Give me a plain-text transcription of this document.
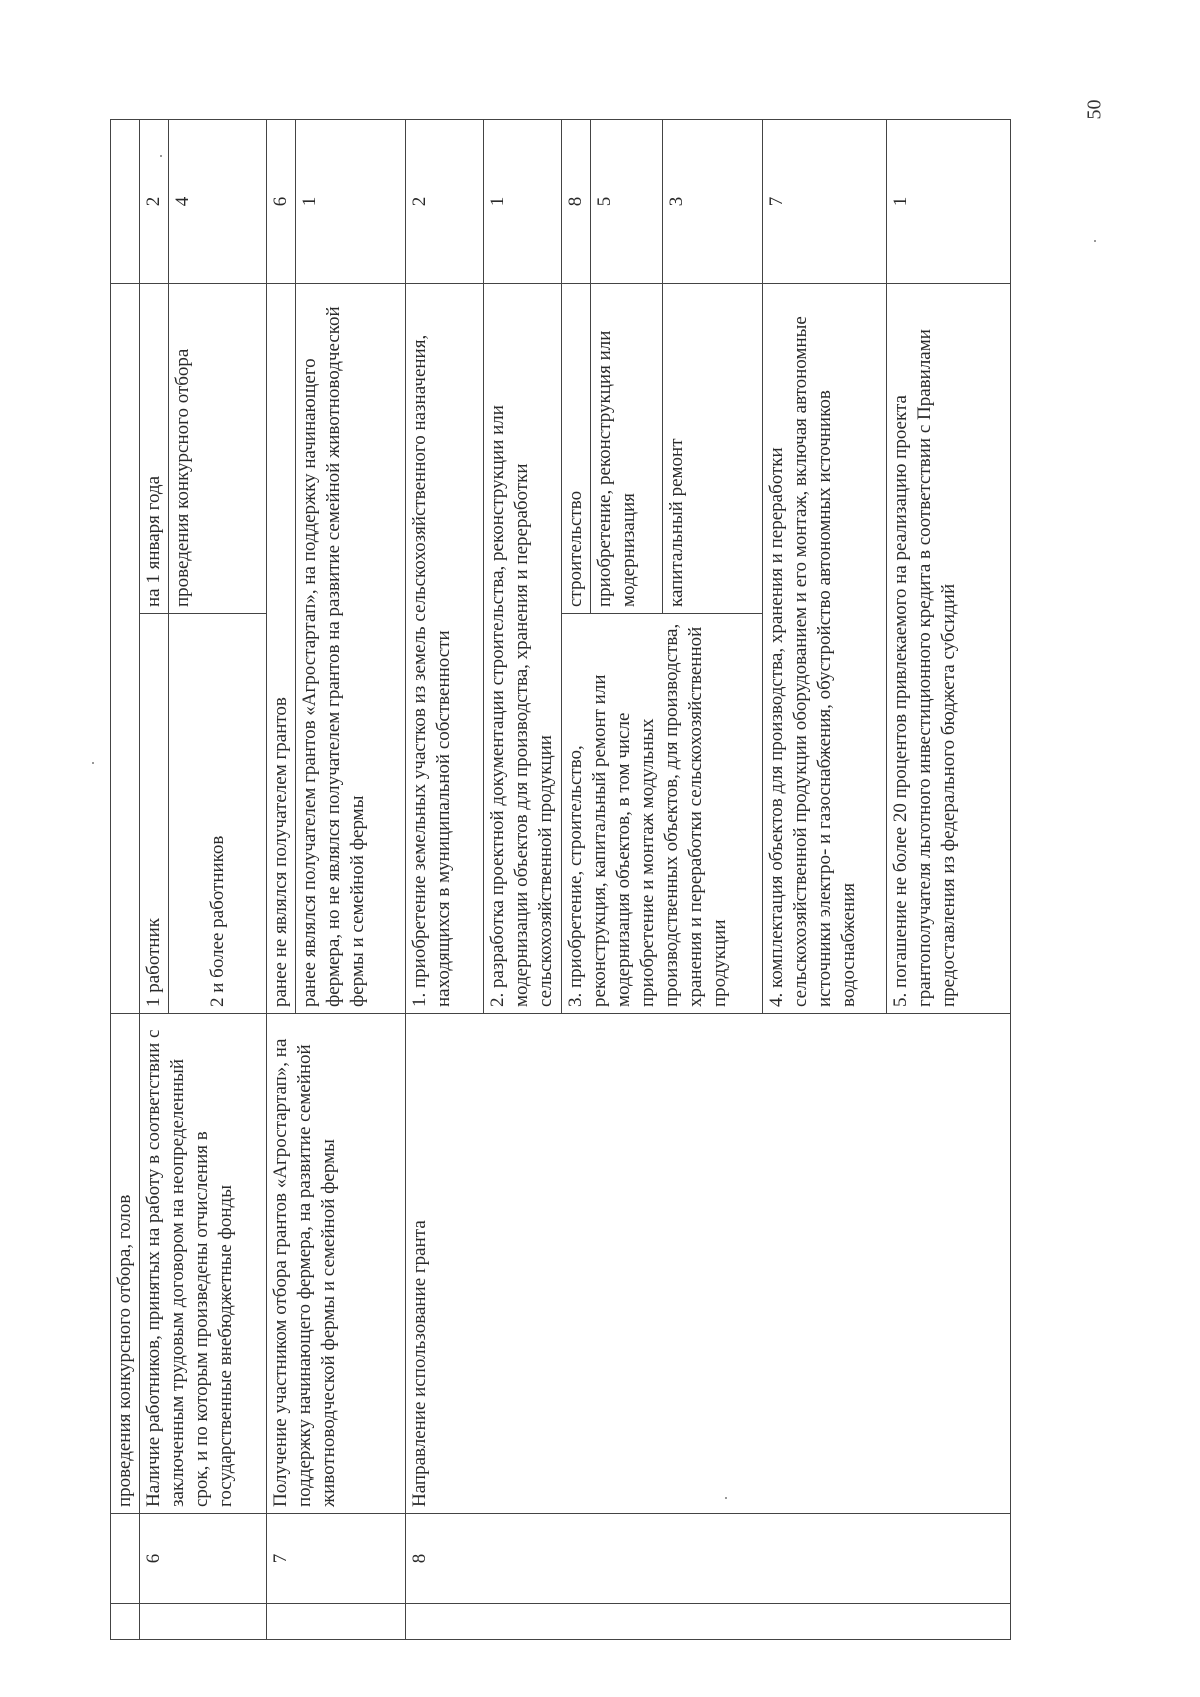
		проведения конкурсного отбора, голов			
	6	Наличие работников, принятых на работу в соответствии с заключенным трудовым договором на неопределенный срок, и по которым произведены отчисления в государственные внебюджетные фонды	1 работник	на 1 января года	2
			2 и более работников	проведения конкурсного отбора	4
	7	Получение участником отбора грантов «Агростартап», на поддержку начинающего фермера, на развитие семейной животноводческой фермы и семейной фермы	ранее не являлся получателем грантов		6
			ранее являлся получателем грантов «Агростартап», на поддержку начинающего фермера, но не являлся получателем грантов на развитие семейной животноводческой фермы и семейной фермы		1
	8	Направление использование гранта	1. приобретение земельных участков из земель сельскохозяйственного назначения, находящихся в муниципальной собственности		2
			2. разработка проектной документации строительства, реконструкции или модернизации объектов для производства, хранения и переработки сельскохозяйственной продукции		1
			3. приобретение, строительство, реконструкция, капитальный ремонт или модернизация объектов, в том числе приобретение и монтаж модульных производственных объектов, для производства, хранения и переработки сельскохозяйственной продукции	строительство	8
				приобретение, реконструкция или модернизация	5
				капитальный ремонт	3
			4. комплектация объектов для производства, хранения и переработки сельскохозяйственной продукции оборудованием и его монтаж, включая автономные источники электро- и газоснабжения, обустройство автономных источников водоснабжения		7
			5. погашение не более 20 процентов привлекаемого на реализацию проекта грантополучателя льготного инвестиционного кредита в соответствии с Правилами предоставления из федерального бюджета субсидий		1
50
